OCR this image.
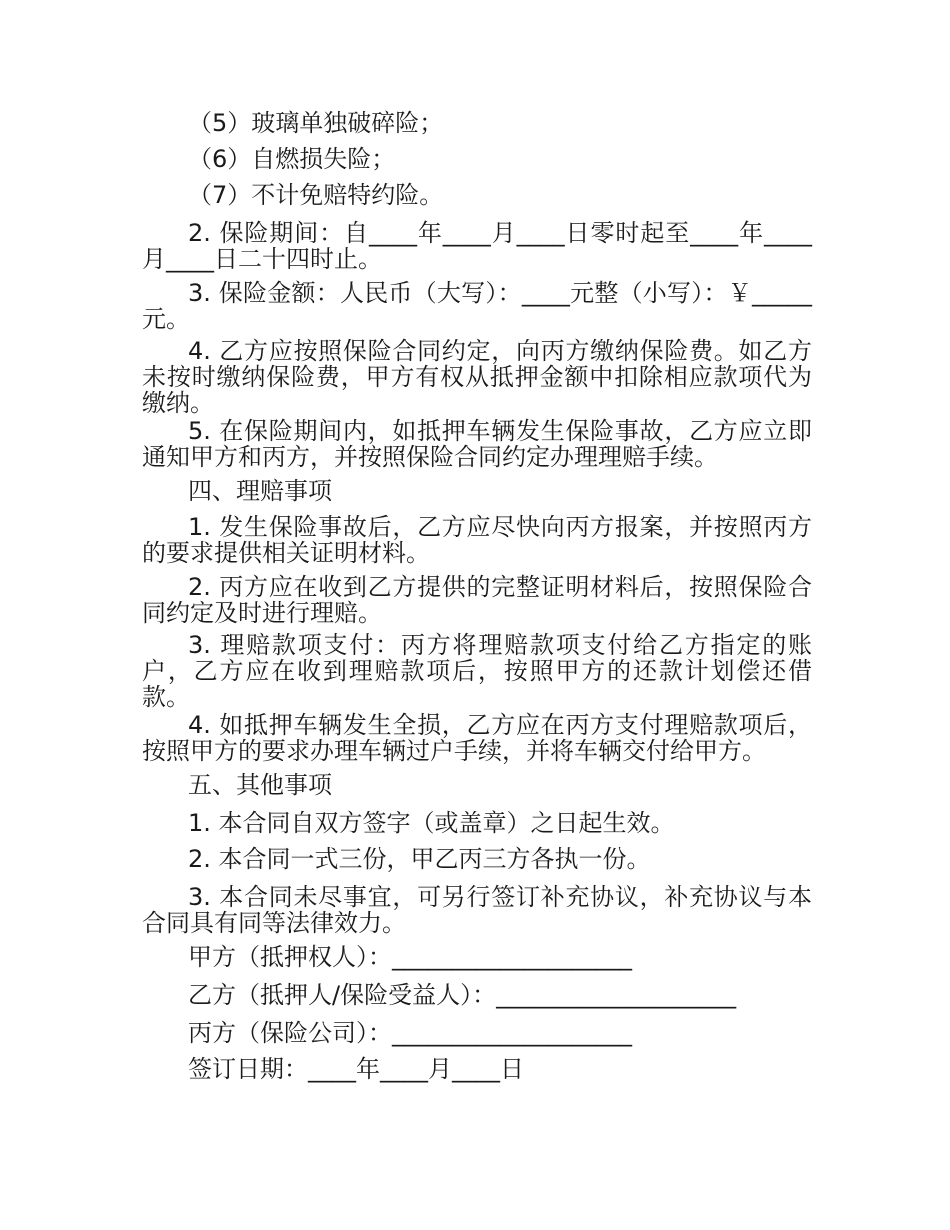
（5）玻璃单独破碎险；

（6）自燃损失险；

（7）不计免赔特约险。

2. 保险期间：自____年____月____日零时起至____年____月____日二十四时止。

3. 保险金额：人民币（大写）：____元整（小写）：￥_____元。

4. 乙方应按照保险合同约定，向丙方缴纳保险费。如乙方未按时缴纳保险费，甲方有权从抵押金额中扣除相应款项代为缴纳。

5. 在保险期间内，如抵押车辆发生保险事故，乙方应立即通知甲方和丙方，并按照保险合同约定办理理赔手续。

四、理赔事项

1. 发生保险事故后，乙方应尽快向丙方报案，并按照丙方的要求提供相关证明材料。

2. 丙方应在收到乙方提供的完整证明材料后，按照保险合同约定及时进行理赔。

3. 理赔款项支付：丙方将理赔款项支付给乙方指定的账户，乙方应在收到理赔款项后，按照甲方的还款计划偿还借款。

4. 如抵押车辆发生全损，乙方应在丙方支付理赔款项后，按照甲方的要求办理车辆过户手续，并将车辆交付给甲方。

五、其他事项

1. 本合同自双方签字（或盖章）之日起生效。

2. 本合同一式三份，甲乙丙三方各执一份。

3. 本合同未尽事宜，可另行签订补充协议，补充协议与本合同具有同等法律效力。

甲方（抵押权人）：____________________

乙方（抵押人/保险受益人）：____________________

丙方（保险公司）：____________________

签订日期：____年____月____日
